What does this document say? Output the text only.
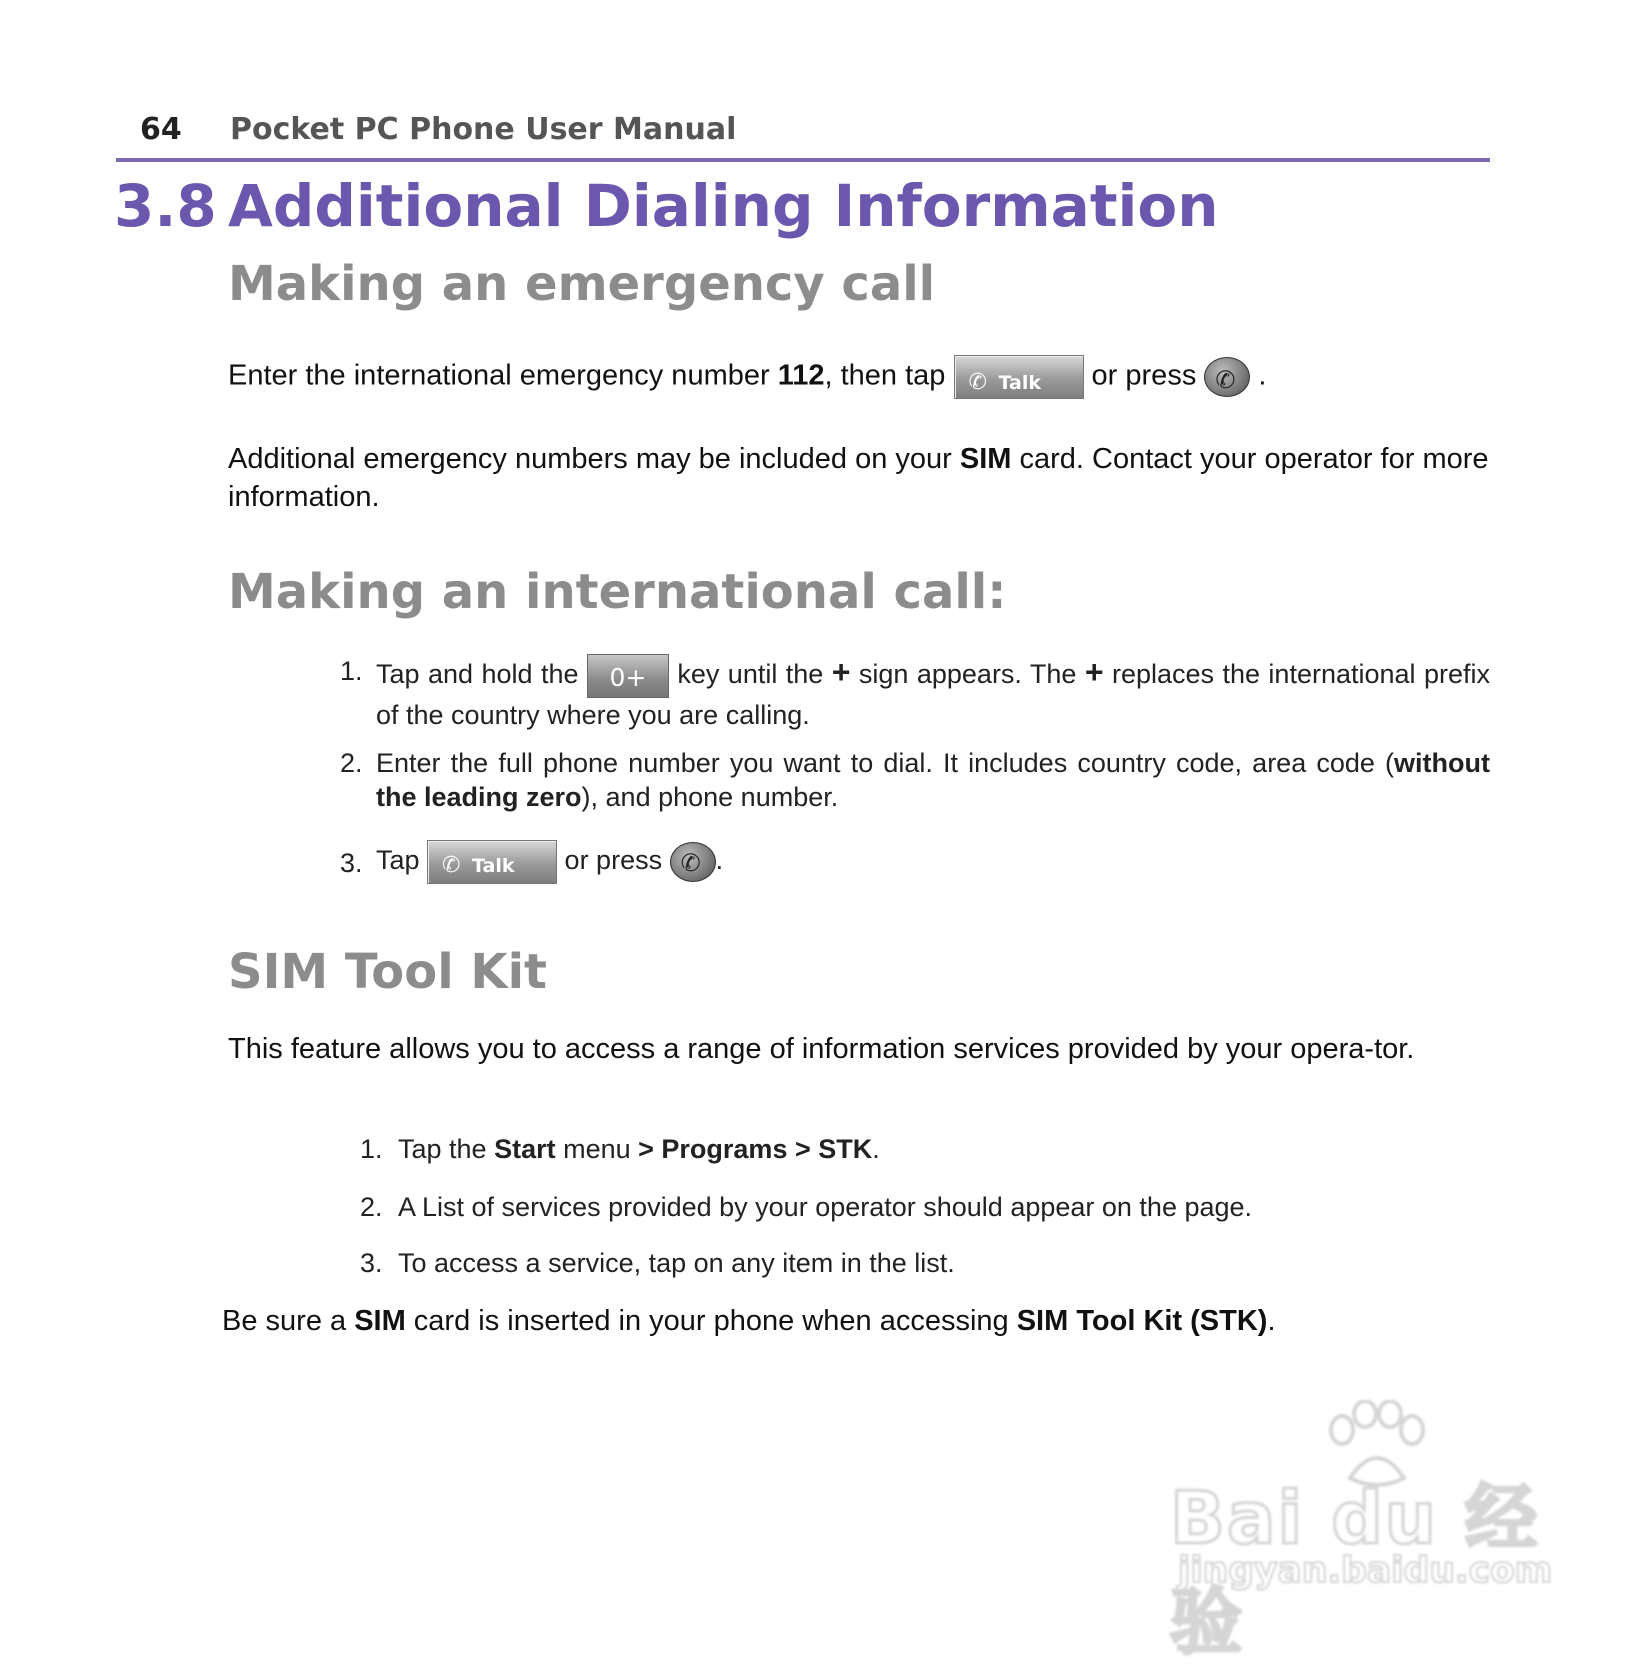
64 Pocket PC Phone User Manual
3.8 Additional Dialing Information
Making an emergency call
Enter the international emergency number 112, then tap ✆ Talk or press ✆ .
Additional emergency numbers may be included on your SIM card. Contact your operator for more information.
Making an international call:
1. Tap and hold the 0+ key until the + sign appears. The + replaces the international prefix of the country where you are calling.
2. Enter the full phone number you want to dial. It includes country code, area code (without the leading zero), and phone number.
3. Tap ✆ Talk or press ✆ .
SIM Tool Kit
This feature allows you to access a range of information services provided by your opera-tor.
1. Tap the Start menu > Programs > STK.
2. A List of services provided by your operator should appear on the page.
3. To access a service, tap on any item in the list.
Be sure a SIM card is inserted in your phone when accessing SIM Tool Kit (STK).
Bai du 经验
jingyan.baidu.com
